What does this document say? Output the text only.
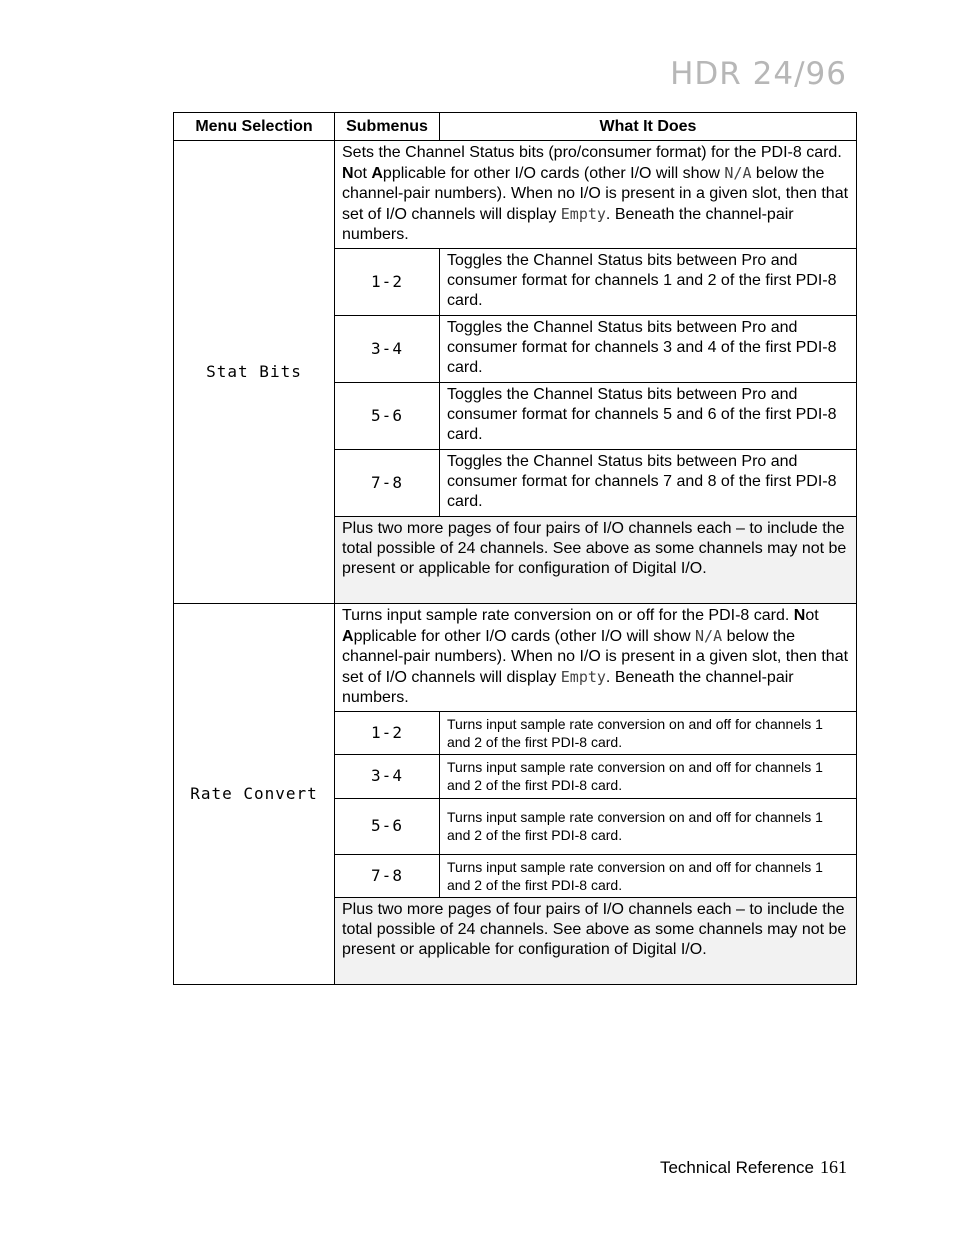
HDR 24/96
Menu Selection	Submenus	What It Does
Stat Bits	Sets the Channel Status bits (pro/consumer format) for the PDI-8 card. Not Applicable for other I/O cards (other I/O will show N/A below the channel-pair numbers). When no I/O is present in a given slot, then that set of I/O channels will display Empty. Beneath the channel-pair numbers.	
	1-2	Toggles the Channel Status bits between Pro and consumer format for channels 1 and 2 of the first PDI-8 card.
	3-4	Toggles the Channel Status bits between Pro and consumer format for channels 3 and 4 of the first PDI-8 card.
	5-6	Toggles the Channel Status bits between Pro and consumer format for channels 5 and 6 of the first PDI-8 card.
	7-8	Toggles the Channel Status bits between Pro and consumer format for channels 7 and 8 of the first PDI-8 card.
	Plus two more pages of four pairs of I/O channels each – to include the total possible of 24 channels. See above as some channels may not be present or applicable for configuration of Digital I/O.	
Rate Convert	Turns input sample rate conversion on or off for the PDI-8 card. Not Applicable for other I/O cards (other I/O will show N/A below the channel-pair numbers). When no I/O is present in a given slot, then that set of I/O channels will display Empty. Beneath the channel-pair numbers.	
	1-2	Turns input sample rate conversion on and off for channels 1 and 2 of the first PDI-8 card.
	3-4	Turns input sample rate conversion on and off for channels 1 and 2 of the first PDI-8 card.
	5-6	Turns input sample rate conversion on and off for channels 1 and 2 of the first PDI-8 card.
	7-8	Turns input sample rate conversion on and off for channels 1 and 2 of the first PDI-8 card.
	Plus two more pages of four pairs of I/O channels each – to include the total possible of 24 channels. See above as some channels may not be present or applicable for configuration of Digital I/O.	
Technical Reference 161
